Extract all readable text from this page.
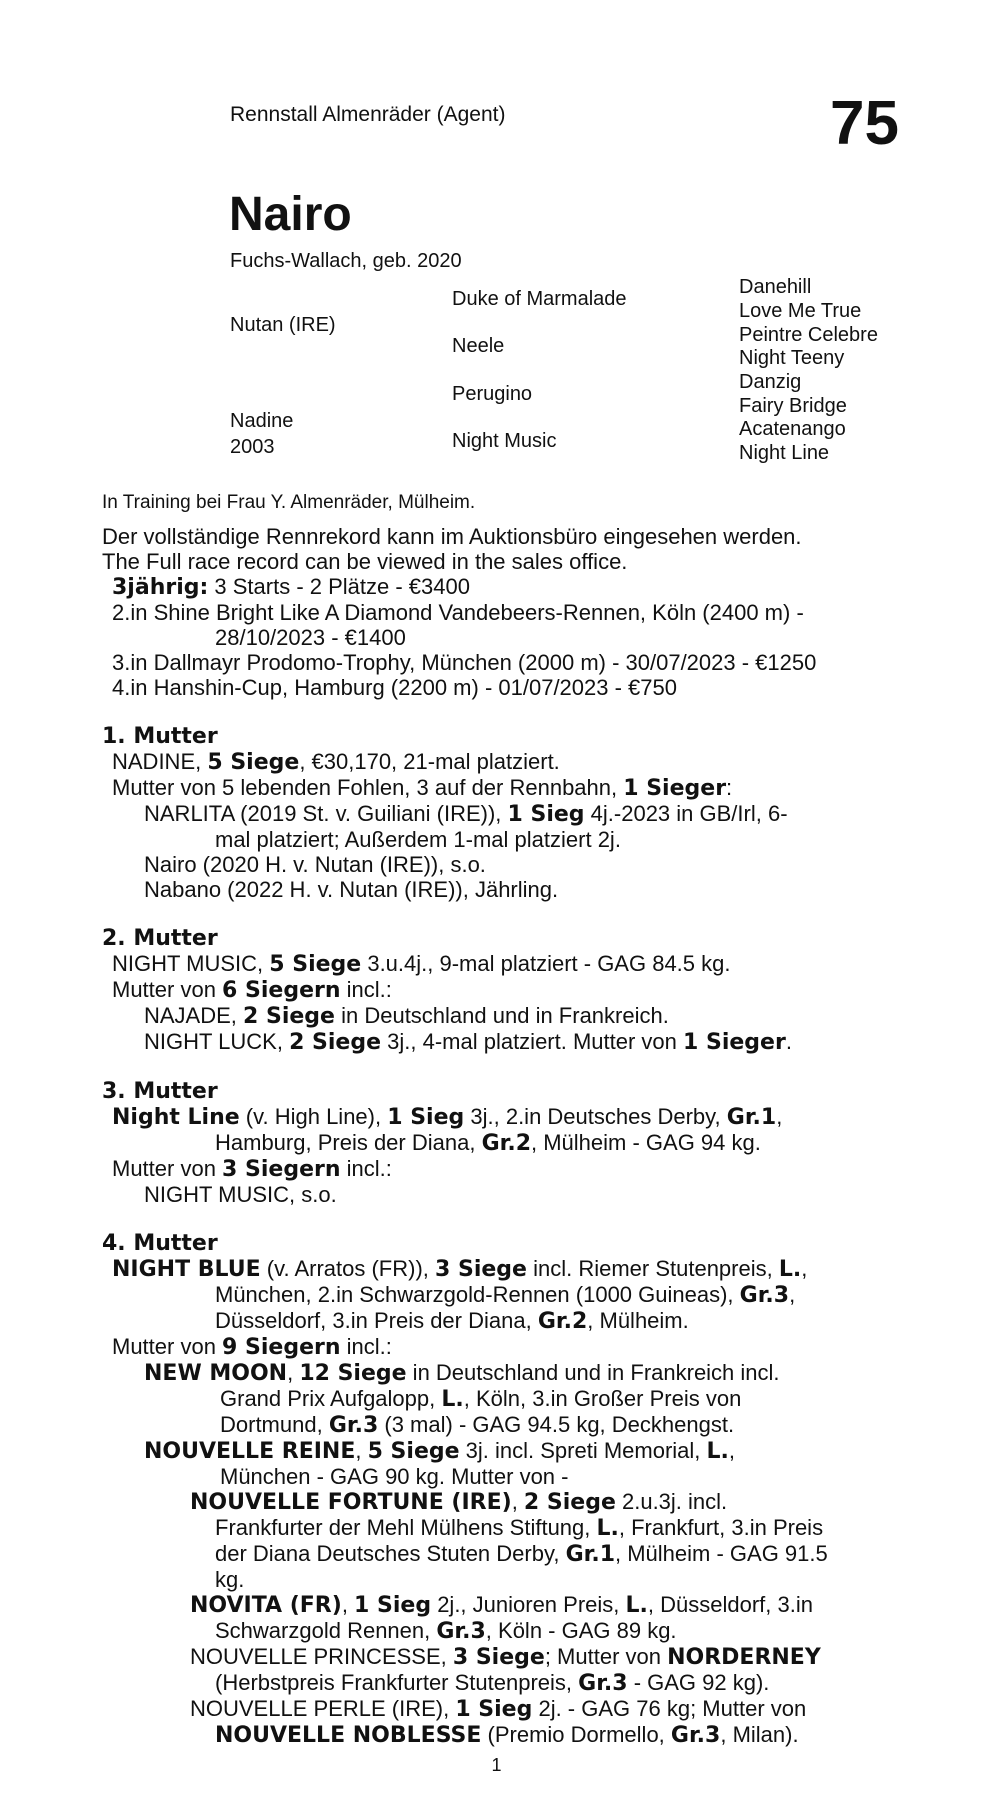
Rennstall Almenräder (Agent)	75
Nairo
Fuchs-Wallach, geb. 2020
Nutan (IRE)
Nadine
2003
Duke of Marmalade
Neele
Perugino
Night Music
Danehill
Love Me True
Peintre Celebre
Night Teeny
Danzig
Fairy Bridge
Acatenango
Night Line
In Training bei Frau Y. Almenräder, Mülheim.

Der vollständige Rennrekord kann im Auktionsbüro eingesehen werden.

The Full race record can be viewed in the sales office.

3jährig: 3 Starts - 2 Plätze - €3400

2.in Shine Bright Like A Diamond Vandebeers-Rennen, Köln (2400 m) -

28/10/2023 - €1400

3.in Dallmayr Prodomo-Trophy, München (2000 m) - 30/07/2023 - €1250

4.in Hanshin-Cup, Hamburg (2200 m) - 01/07/2023 - €750

1. Mutter

NADINE, 5 Siege, €30,170, 21-mal platziert.

Mutter von 5 lebenden Fohlen, 3 auf der Rennbahn, 1 Sieger:

NARLITA (2019 St. v. Guiliani (IRE)), 1 Sieg 4j.-2023 in GB/Irl, 6-

mal platziert; Außerdem 1-mal platziert 2j.

Nairo (2020 H. v. Nutan (IRE)), s.o.

Nabano (2022 H. v. Nutan (IRE)), Jährling.

2. Mutter

NIGHT MUSIC, 5 Siege 3.u.4j., 9-mal platziert - GAG 84.5 kg.

Mutter von 6 Siegern incl.:

NAJADE, 2 Siege in Deutschland und in Frankreich.

NIGHT LUCK, 2 Siege 3j., 4-mal platziert. Mutter von 1 Sieger.

3. Mutter

Night Line (v. High Line), 1 Sieg 3j., 2.in Deutsches Derby, Gr.1,

Hamburg, Preis der Diana, Gr.2, Mülheim - GAG 94 kg.

Mutter von 3 Siegern incl.:

NIGHT MUSIC, s.o.

4. Mutter

NIGHT BLUE (v. Arratos (FR)), 3 Siege incl. Riemer Stutenpreis, L.,

München, 2.in Schwarzgold-Rennen (1000 Guineas), Gr.3,

Düsseldorf, 3.in Preis der Diana, Gr.2, Mülheim.

Mutter von 9 Siegern incl.:

NEW MOON, 12 Siege in Deutschland und in Frankreich incl.

Grand Prix Aufgalopp, L., Köln, 3.in Großer Preis von

Dortmund, Gr.3 (3 mal) - GAG 94.5 kg, Deckhengst.

NOUVELLE REINE, 5 Siege 3j. incl. Spreti Memorial, L.,

München - GAG 90 kg. Mutter von -

NOUVELLE FORTUNE (IRE), 2 Siege 2.u.3j. incl.

Frankfurter der Mehl Mülhens Stiftung, L., Frankfurt, 3.in Preis

der Diana Deutsches Stuten Derby, Gr.1, Mülheim - GAG 91.5

kg.

NOVITA (FR), 1 Sieg 2j., Junioren Preis, L., Düsseldorf, 3.in

Schwarzgold Rennen, Gr.3, Köln - GAG 89 kg.

NOUVELLE PRINCESSE, 3 Siege; Mutter von NORDERNEY

(Herbstpreis Frankfurter Stutenpreis, Gr.3 - GAG 92 kg).

NOUVELLE PERLE (IRE), 1 Sieg 2j. - GAG 76 kg; Mutter von

NOUVELLE NOBLESSE (Premio Dormello, Gr.3, Milan).

1
